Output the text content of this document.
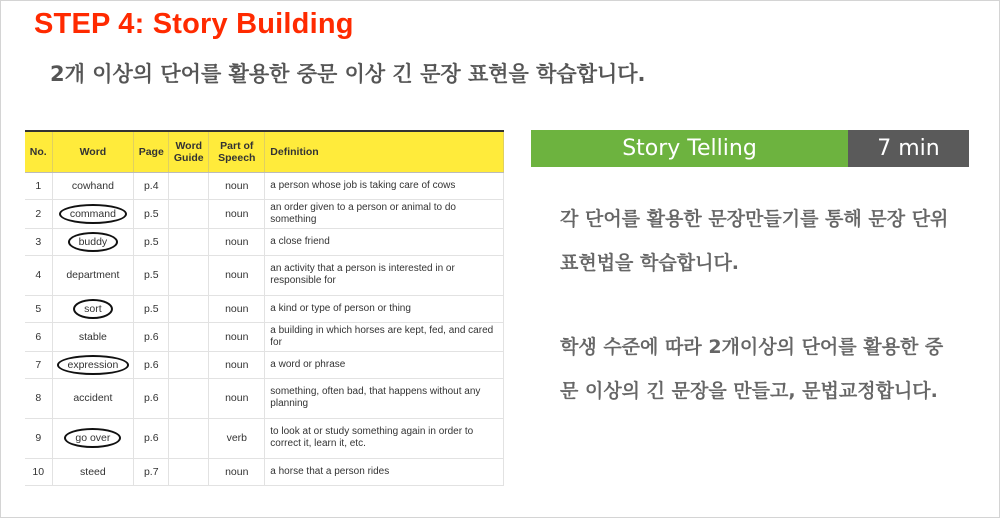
STEP 4: Story Building
2개 이상의 단어를 활용한 중문 이상 긴 문장 표현을 학습합니다.
No.	Word	Page	Word Guide	Part of Speech	Definition
1	cowhand	p.4		noun	a person whose job is taking care of cows
2	command	p.5		noun	an order given to a person or animal to do something
3	buddy	p.5		noun	a close friend
4	department	p.5		noun	an activity that a person is interested in or responsible for
5	sort	p.5		noun	a kind or type of person or thing
6	stable	p.6		noun	a building in which horses are kept, fed, and cared for
7	expression	p.6		noun	a word or phrase
8	accident	p.6		noun	something, often bad, that happens without any planning
9	go over	p.6		verb	to look at or study something again in order to correct it, learn it, etc.
10	steed	p.7		noun	a horse that a person rides
Story Telling	7 min
각 단어를 활용한 문장만들기를 통해 문장 단위 표현법을 학습합니다.
학생 수준에 따라 2개이상의 단어를 활용한 중문 이상의 긴 문장을 만들고, 문법교정합니다.
